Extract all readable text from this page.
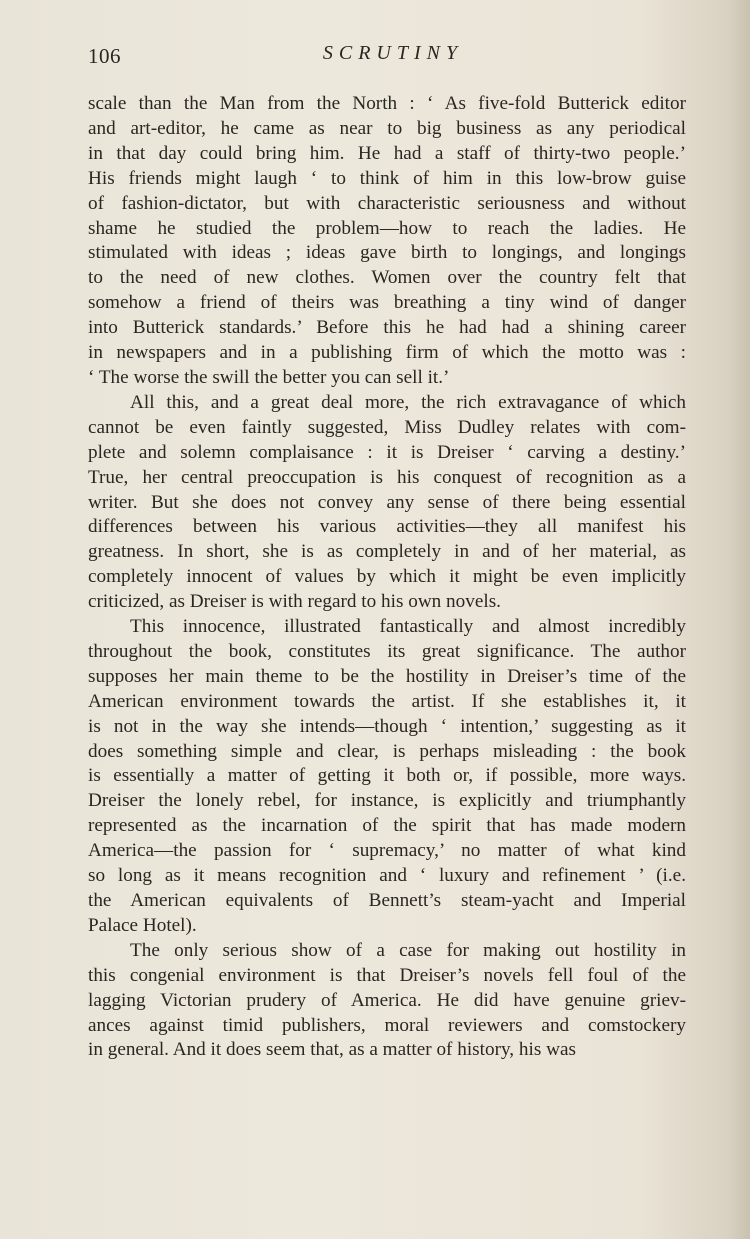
106	SCRUTINY

scale than the Man from the North : ‘ As five-fold Butterick editor
and art-editor, he came as near to big business as any periodical
in that day could bring him. He had a staff of thirty-two people.’
His friends might laugh ‘ to think of him in this low-brow guise
of fashion-dictator, but with characteristic seriousness and without
shame he studied the problem—how to reach the ladies. He
stimulated with ideas ; ideas gave birth to longings, and longings
to the need of new clothes. Women over the country felt that
somehow a friend of theirs was breathing a tiny wind of danger
into Butterick standards.’ Before this he had had a shining career
in newspapers and in a publishing firm of which the motto was :
‘ The worse the swill the better you can sell it.’

All this, and a great deal more, the rich extravagance of which
cannot be even faintly suggested, Miss Dudley relates with com-
plete and solemn complaisance : it is Dreiser ‘ carving a destiny.’
True, her central preoccupation is his conquest of recognition as a
writer. But she does not convey any sense of there being essential
differences between his various activities—they all manifest his
greatness. In short, she is as completely in and of her material, as
completely innocent of values by which it might be even implicitly
criticized, as Dreiser is with regard to his own novels.

This innocence, illustrated fantastically and almost incredibly
throughout the book, constitutes its great significance. The author
supposes her main theme to be the hostility in Dreiser’s time of the
American environment towards the artist. If she establishes it, it
is not in the way she intends—though ‘ intention,’ suggesting as it
does something simple and clear, is perhaps misleading : the book
is essentially a matter of getting it both or, if possible, more ways.
Dreiser the lonely rebel, for instance, is explicitly and triumphantly
represented as the incarnation of the spirit that has made modern
America—the passion for ‘ supremacy,’ no matter of what kind
so long as it means recognition and ‘ luxury and refinement ’ (i.e.
the American equivalents of Bennett’s steam-yacht and Imperial
Palace Hotel).

The only serious show of a case for making out hostility in
this congenial environment is that Dreiser’s novels fell foul of the
lagging Victorian prudery of America. He did have genuine griev-
ances against timid publishers, moral reviewers and comstockery
in general. And it does seem that, as a matter of history, his was
